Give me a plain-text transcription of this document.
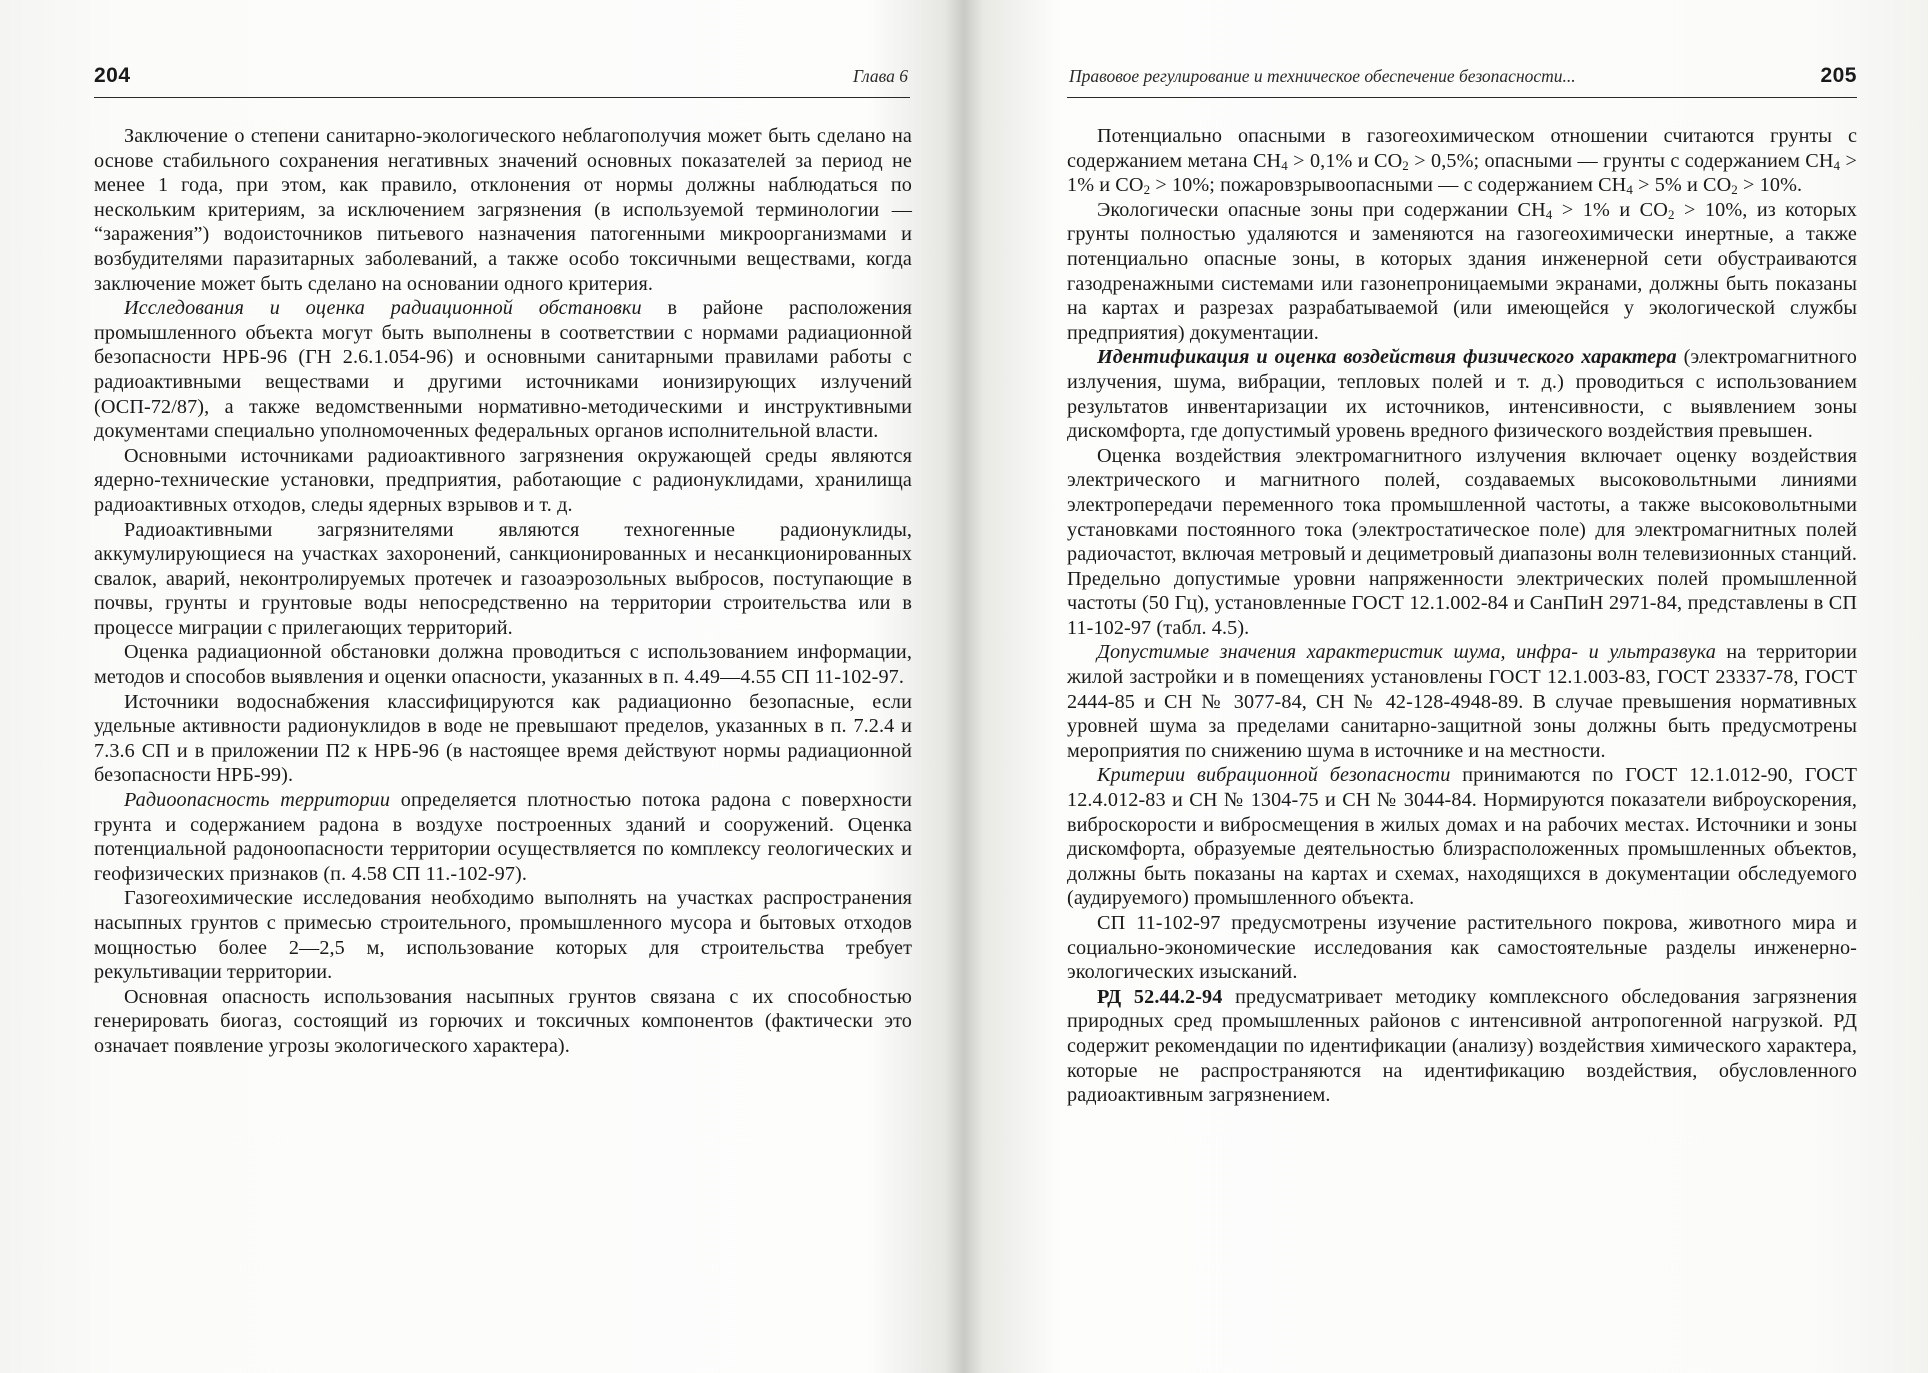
204	Глава 6

Заключение о степени санитарно-экологического неблагополучия может быть сделано на основе стабильного сохранения негативных значений основных показателей за период не менее 1 года, при этом, как правило, отклонения от нормы должны наблюдаться по нескольким критериям, за исключением загрязнения (в используемой терминологии — “заражения”) водоисточников питьевого назначения патогенными микроорганизмами и возбудителями паразитарных заболеваний, а также особо токсичными веществами, когда заключение может быть сделано на основании одного критерия.

Исследования и оценка радиационной обстановки в районе расположения промышленного объекта могут быть выполнены в соответствии с нормами радиационной безопасности НРБ-96 (ГН 2.6.1.054-96) и основными санитарными правилами работы с радиоактивными веществами и другими источниками ионизирующих излучений (ОСП-72/87), а также ведомственными нормативно-методическими и инструктивными документами специально уполномоченных федеральных органов исполнительной власти.

Основными источниками радиоактивного загрязнения окружающей среды являются ядерно-технические установки, предприятия, работающие с радионуклидами, хранилища радиоактивных отходов, следы ядерных взрывов и т. д.

Радиоактивными загрязнителями являются техногенные радионуклиды, аккумулирующиеся на участках захоронений, санкционированных и несанкционированных свалок, аварий, неконтролируемых протечек и газоаэрозольных выбросов, поступающие в почвы, грунты и грунтовые воды непосредственно на территории строительства или в процессе миграции с прилегающих территорий.

Оценка радиационной обстановки должна проводиться с использованием информации, методов и способов выявления и оценки опасности, указанных в п. 4.49—4.55 СП 11-102-97.

Источники водоснабжения классифицируются как радиационно безопасные, если удельные активности радионуклидов в воде не превышают пределов, указанных в п. 7.2.4 и 7.3.6 СП и в приложении П2 к НРБ-96 (в настоящее время действуют нормы радиационной безопасности НРБ-99).

Радиоопасность территории определяется плотностью потока радона с поверхности грунта и содержанием радона в воздухе построенных зданий и сооружений. Оценка потенциальной радоноопасности территории осуществляется по комплексу геологических и геофизических признаков (п. 4.58 СП 11.-102-97).

Газогеохимические исследования необходимо выполнять на участках распространения насыпных грунтов с примесью строительного, промышленного мусора и бытовых отходов мощностью более 2—2,5 м, использование которых для строительства требует рекультивации территории.

Основная опасность использования насыпных грунтов связана с их способностью генерировать биогаз, состоящий из горючих и токсичных компонентов (фактически это означает появление угрозы экологического характера).

Правовое регулирование и техническое обеспечение безопасности...	205

Потенциально опасными в газогеохимическом отношении считаются грунты с содержанием метана $CH_4 > 0,1\%$ и $CO_2 > 0,5\%$; опасными — грунты с содержанием $CH_4 > 1\%$ и $CO_2 > 10\%$; пожаровзрывоопасными — с содержанием $CH_4 > 5\%$ и $CO_2 > 10\%$.

Экологически опасные зоны при содержании $CH_4 > 1\%$ и $CO_2 > 10\%$, из которых грунты полностью удаляются и заменяются на газогеохимически инертные, а также потенциально опасные зоны, в которых здания инженерной сети обустраиваются газодренажными системами или газонепроницаемыми экранами, должны быть показаны на картах и разрезах разрабатываемой (или имеющейся у экологической службы предприятия) документации.

Идентификация и оценка воздействия физического характера (электромагнитного излучения, шума, вибрации, тепловых полей и т. д.) проводиться с использованием результатов инвентаризации их источников, интенсивности, с выявлением зоны дискомфорта, где допустимый уровень вредного физического воздействия превышен.

Оценка воздействия электромагнитного излучения включает оценку воздействия электрического и магнитного полей, создаваемых высоковольтными линиями электропередачи переменного тока промышленной частоты, а также высоковольтными установками постоянного тока (электростатическое поле) для электромагнитных полей радиочастот, включая метровый и дециметровый диапазоны волн телевизионных станций. Предельно допустимые уровни напряженности электрических полей промышленной частоты (50 Гц), установленные ГОСТ 12.1.002-84 и СанПиН 2971-84, представлены в СП 11-102-97 (табл. 4.5).

Допустимые значения характеристик шума, инфра- и ультразвука на территории жилой застройки и в помещениях установлены ГОСТ 12.1.003-83, ГОСТ 23337-78, ГОСТ 2444-85 и СН № 3077-84, СН № 42-128-4948-89. В случае превышения нормативных уровней шума за пределами санитарно-защитной зоны должны быть предусмотрены мероприятия по снижению шума в источнике и на местности.

Критерии вибрационной безопасности принимаются по ГОСТ 12.1.012-90, ГОСТ 12.4.012-83 и СН № 1304-75 и СН № 3044-84. Нормируются показатели виброускорения, виброскорости и вибросмещения в жилых домах и на рабочих местах. Источники и зоны дискомфорта, образуемые деятельностью близрасположенных промышленных объектов, должны быть показаны на картах и схемах, находящихся в документации обследуемого (аудируемого) промышленного объекта.

СП 11-102-97 предусмотрены изучение растительного покрова, животного мира и социально-экономические исследования как самостоятельные разделы инженерно-экологических изысканий.

РД 52.44.2-94 предусматривает методику комплексного обследования загрязнения природных сред промышленных районов с интенсивной антропогенной нагрузкой. РД содержит рекомендации по идентификации (анализу) воздействия химического характера, которые не распространяются на идентификацию воздействия, обусловленного радиоактивным загрязнением.
